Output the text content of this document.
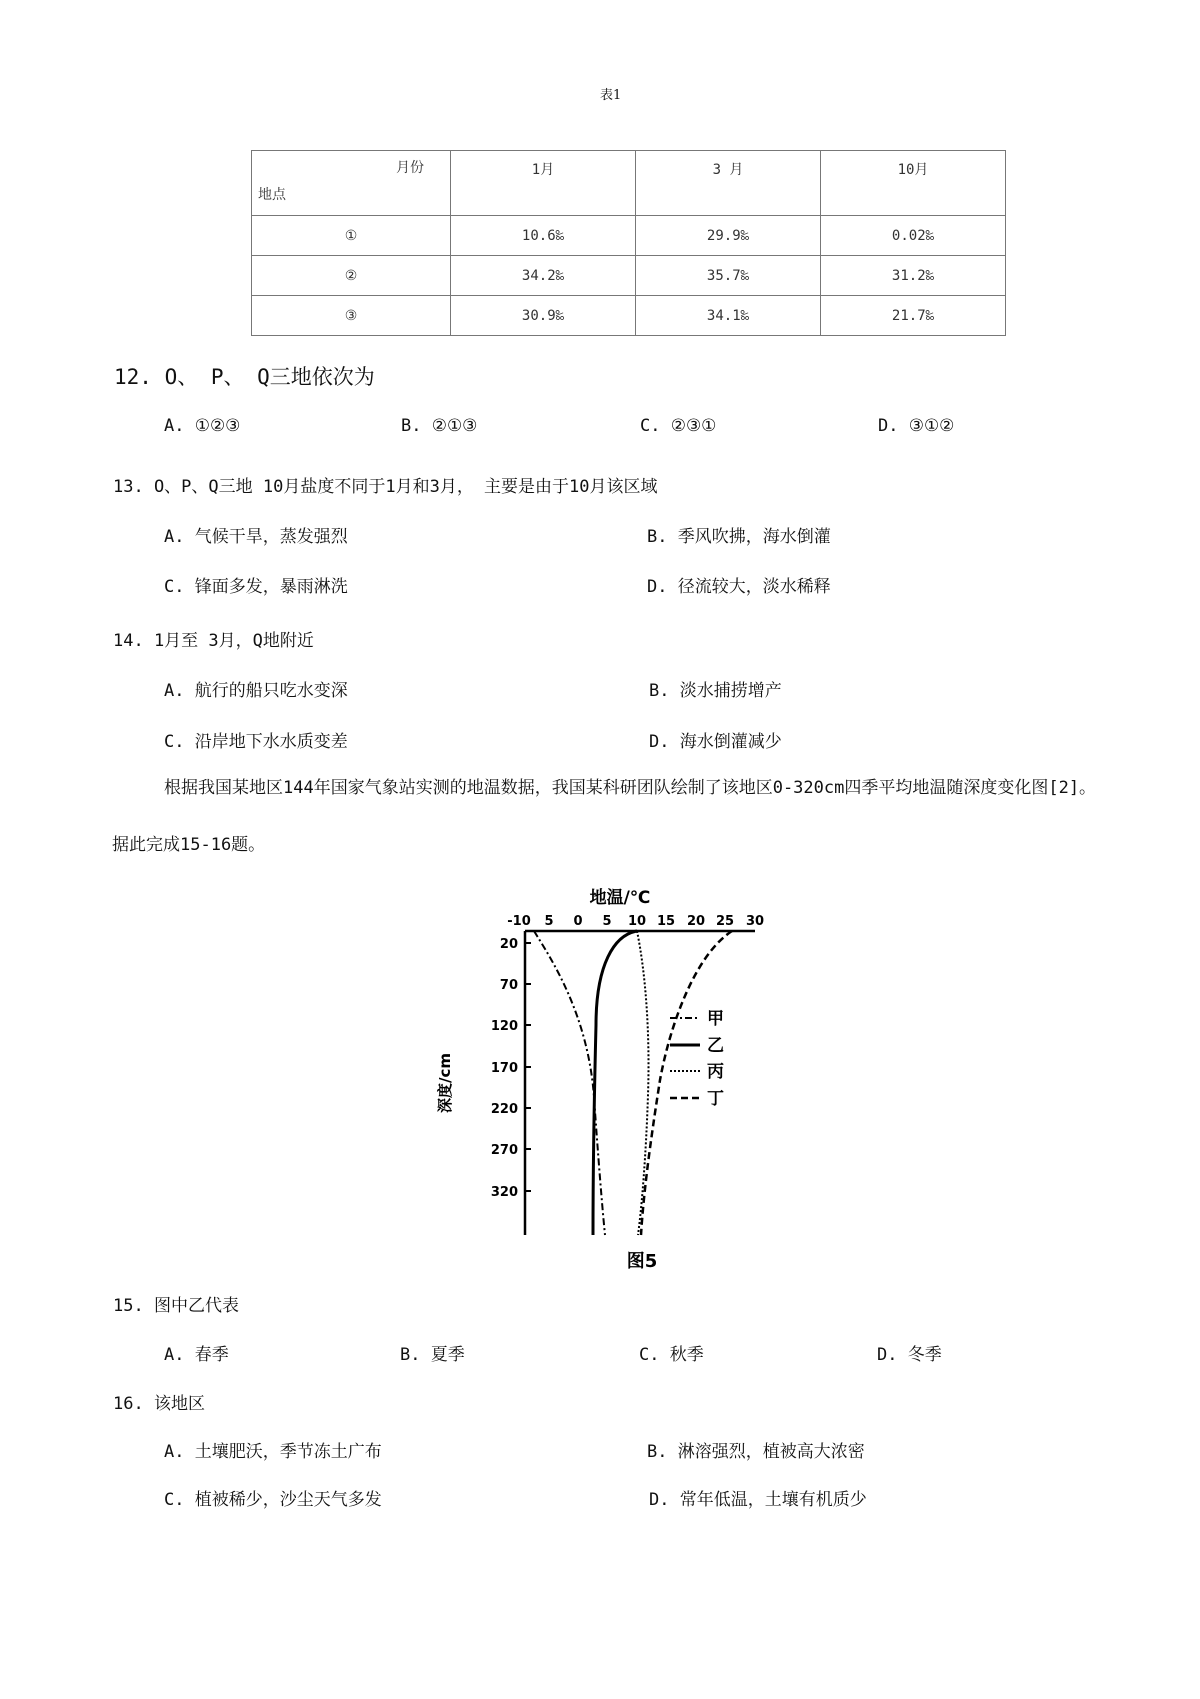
表1
月份
地点	1月	3 月	10月
①	10.6‰	29.9‰	0.02‰
②	34.2‰	35.7‰	31.2‰
③	30.9‰	34.1‰	21.7‰
12. O、 P、 Q三地依次为
A. ①②③	B. ②①③	C. ②③①	D. ③①②
13. O、P、Q三地 10月盐度不同于1月和3月， 主要是由于10月该区域
A. 气候干旱，蒸发强烈	B. 季风吹拂，海水倒灌
C. 锋面多发，暴雨淋洗	D. 径流较大，淡水稀释
14. 1月至 3月，Q地附近
A. 航行的船只吃水变深	B. 淡水捕捞增产
C. 沿岸地下水水质变差	D. 海水倒灌减少
根据我国某地区144年国家气象站实测的地温数据，我国某科研团队绘制了该地区0-320cm四季平均地温随深度变化图[2]。据此完成15-16题。
地温/℃
-10 5 0 5 10 15 20 25 30
20
70
120
170
220
270
320
深度/cm
甲
乙
丙
丁
图5
15. 图中乙代表
A. 春季	B. 夏季	C. 秋季	D. 冬季
16. 该地区
A. 土壤肥沃，季节冻土广布	B. 淋溶强烈，植被高大浓密
C. 植被稀少，沙尘天气多发	D. 常年低温，土壤有机质少
